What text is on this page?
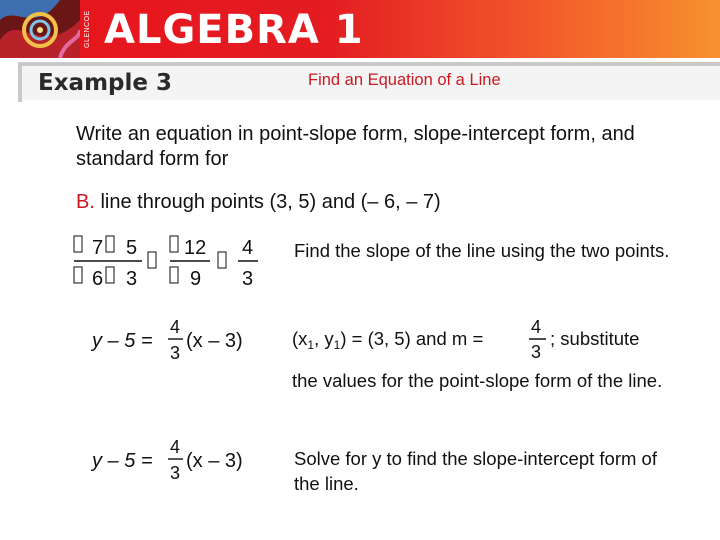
GLENCOE ALGEBRA 1
Example 3	Find an Equation of a Line
Write an equation in point-slope form, slope-intercept form, and standard form for
B. line through points (3, 5) and (– 6, – 7)
7 5
6 3
12
9
4
3
Find the slope of the line using the two points.
y – 5 =
4
3
(x – 3)	($x_1$, $y_1) = (3$, 5) and m =
4
3
; substitute
the values for the point-slope form of the line.
y – 5 =
4
3
(x – 3)	Solve for y to find the slope-intercept form of the line.
